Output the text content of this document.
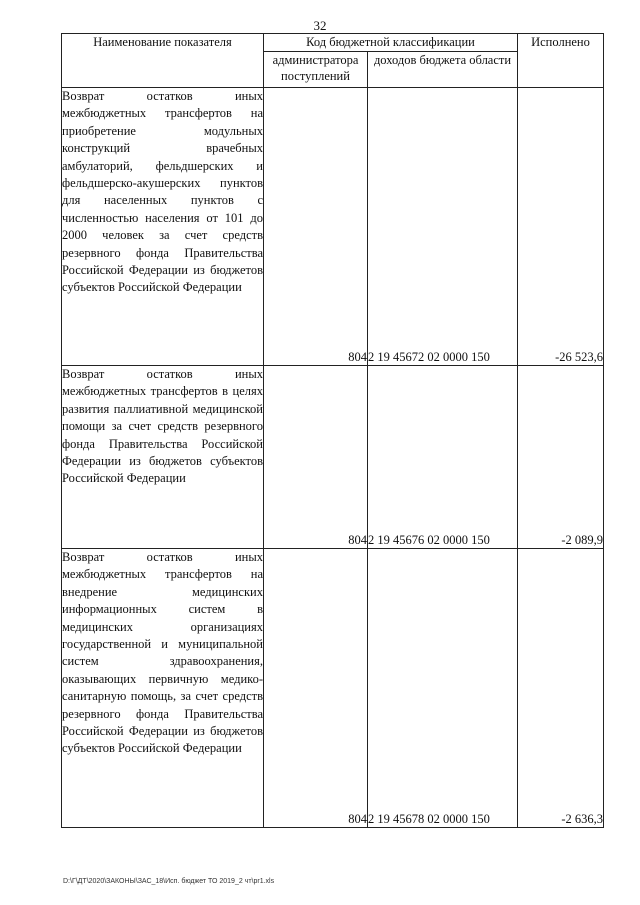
32
Наименование показателя	Код бюджетной классификации		Исполнено
	администратора поступлений	доходов бюджета области	
Возврат остатков иных межбюджетных трансфертов на приобретение модульных конструкций врачебных амбулаторий, фельдшерских и фельдшерско-акушерских пунктов для населенных пунктов с численностью населения от 101 до 2000 человек за счет средств резервного фонда Правительства Российской Федерации из бюджетов субъектов Российской Федерации	804	2 19 45672 02 0000 150	-26 523,6
Возврат остатков иных межбюджетных трансфертов в целях развития паллиативной медицинской помощи за счет средств резервного фонда Правительства Российской Федерации из бюджетов субъектов Российской Федерации	804	2 19 45676 02 0000 150	-2 089,9
Возврат остатков иных межбюджетных трансфертов на внедрение медицинских информационных систем в медицинских организациях государственной и муниципальной систем здравоохранения, оказывающих первичную медико-санитарную помощь, за счет средств резервного фонда Правительства Российской Федерации из бюджетов субъектов Российской Федерации	804	2 19 45678 02 0000 150	-2 636,3
D:\Г\ДТ\2020\ЗАКОНЫ\ЗАС_18\Исп. бюджет ТО 2019_2 чт\pr1.xls
